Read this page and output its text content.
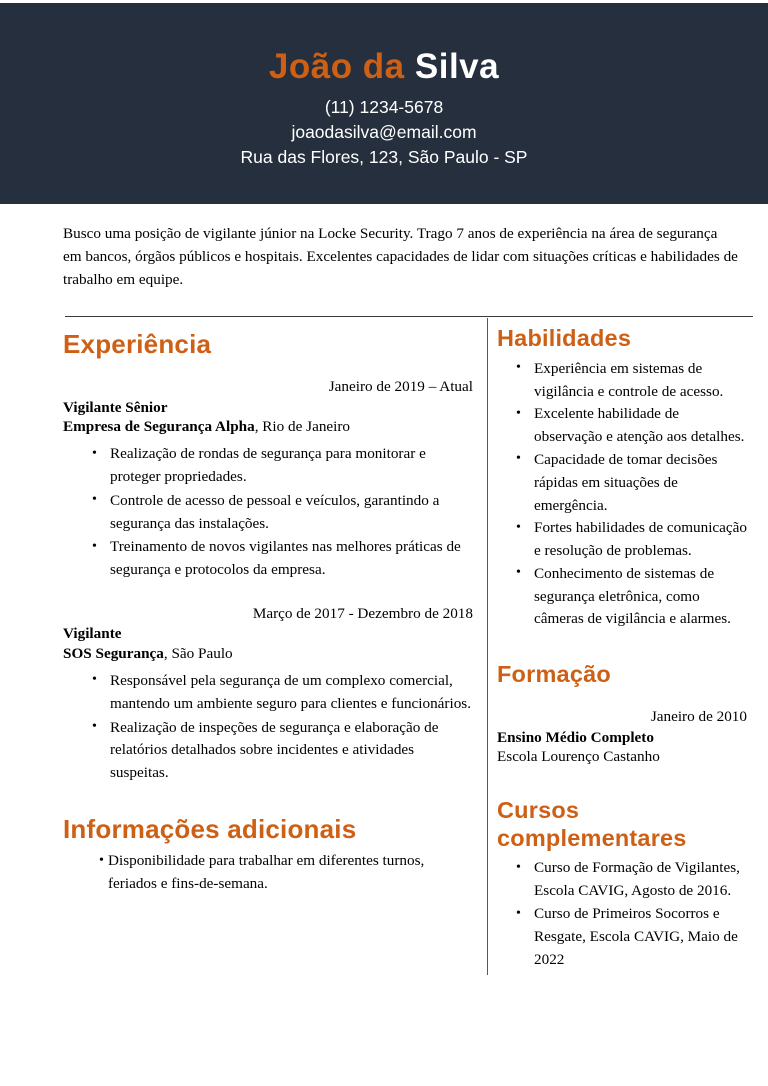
João da Silva
(11) 1234-5678
joaodasilva@email.com
Rua das Flores, 123, São Paulo - SP
Busco uma posição de vigilante júnior na Locke Security. Trago 7 anos de experiência na área de segurança em bancos, órgãos públicos e hospitais. Excelentes capacidades de lidar com situações críticas e habilidades de trabalho em equipe.
Experiência
Janeiro de 2019 – Atual
Vigilante Sênior
Empresa de Segurança Alpha, Rio de Janeiro
• Realização de rondas de segurança para monitorar e proteger propriedades.
• Controle de acesso de pessoal e veículos, garantindo a segurança das instalações.
• Treinamento de novos vigilantes nas melhores práticas de segurança e protocolos da empresa.
Março de 2017 - Dezembro de 2018
Vigilante
SOS Segurança, São Paulo
• Responsável pela segurança de um complexo comercial, mantendo um ambiente seguro para clientes e funcionários.
• Realização de inspeções de segurança e elaboração de relatórios detalhados sobre incidentes e atividades suspeitas.
Informações adicionais
• Disponibilidade para trabalhar em diferentes turnos, feriados e fins-de-semana.
Habilidades
• Experiência em sistemas de vigilância e controle de acesso.
• Excelente habilidade de observação e atenção aos detalhes.
• Capacidade de tomar decisões rápidas em situações de emergência.
• Fortes habilidades de comunicação e resolução de problemas.
• Conhecimento de sistemas de segurança eletrônica, como câmeras de vigilância e alarmes.
Formação
Janeiro de 2010
Ensino Médio Completo
Escola Lourenço Castanho
Cursos complementares
• Curso de Formação de Vigilantes, Escola CAVIG, Agosto de 2016.
• Curso de Primeiros Socorros e Resgate, Escola CAVIG, Maio de 2022
